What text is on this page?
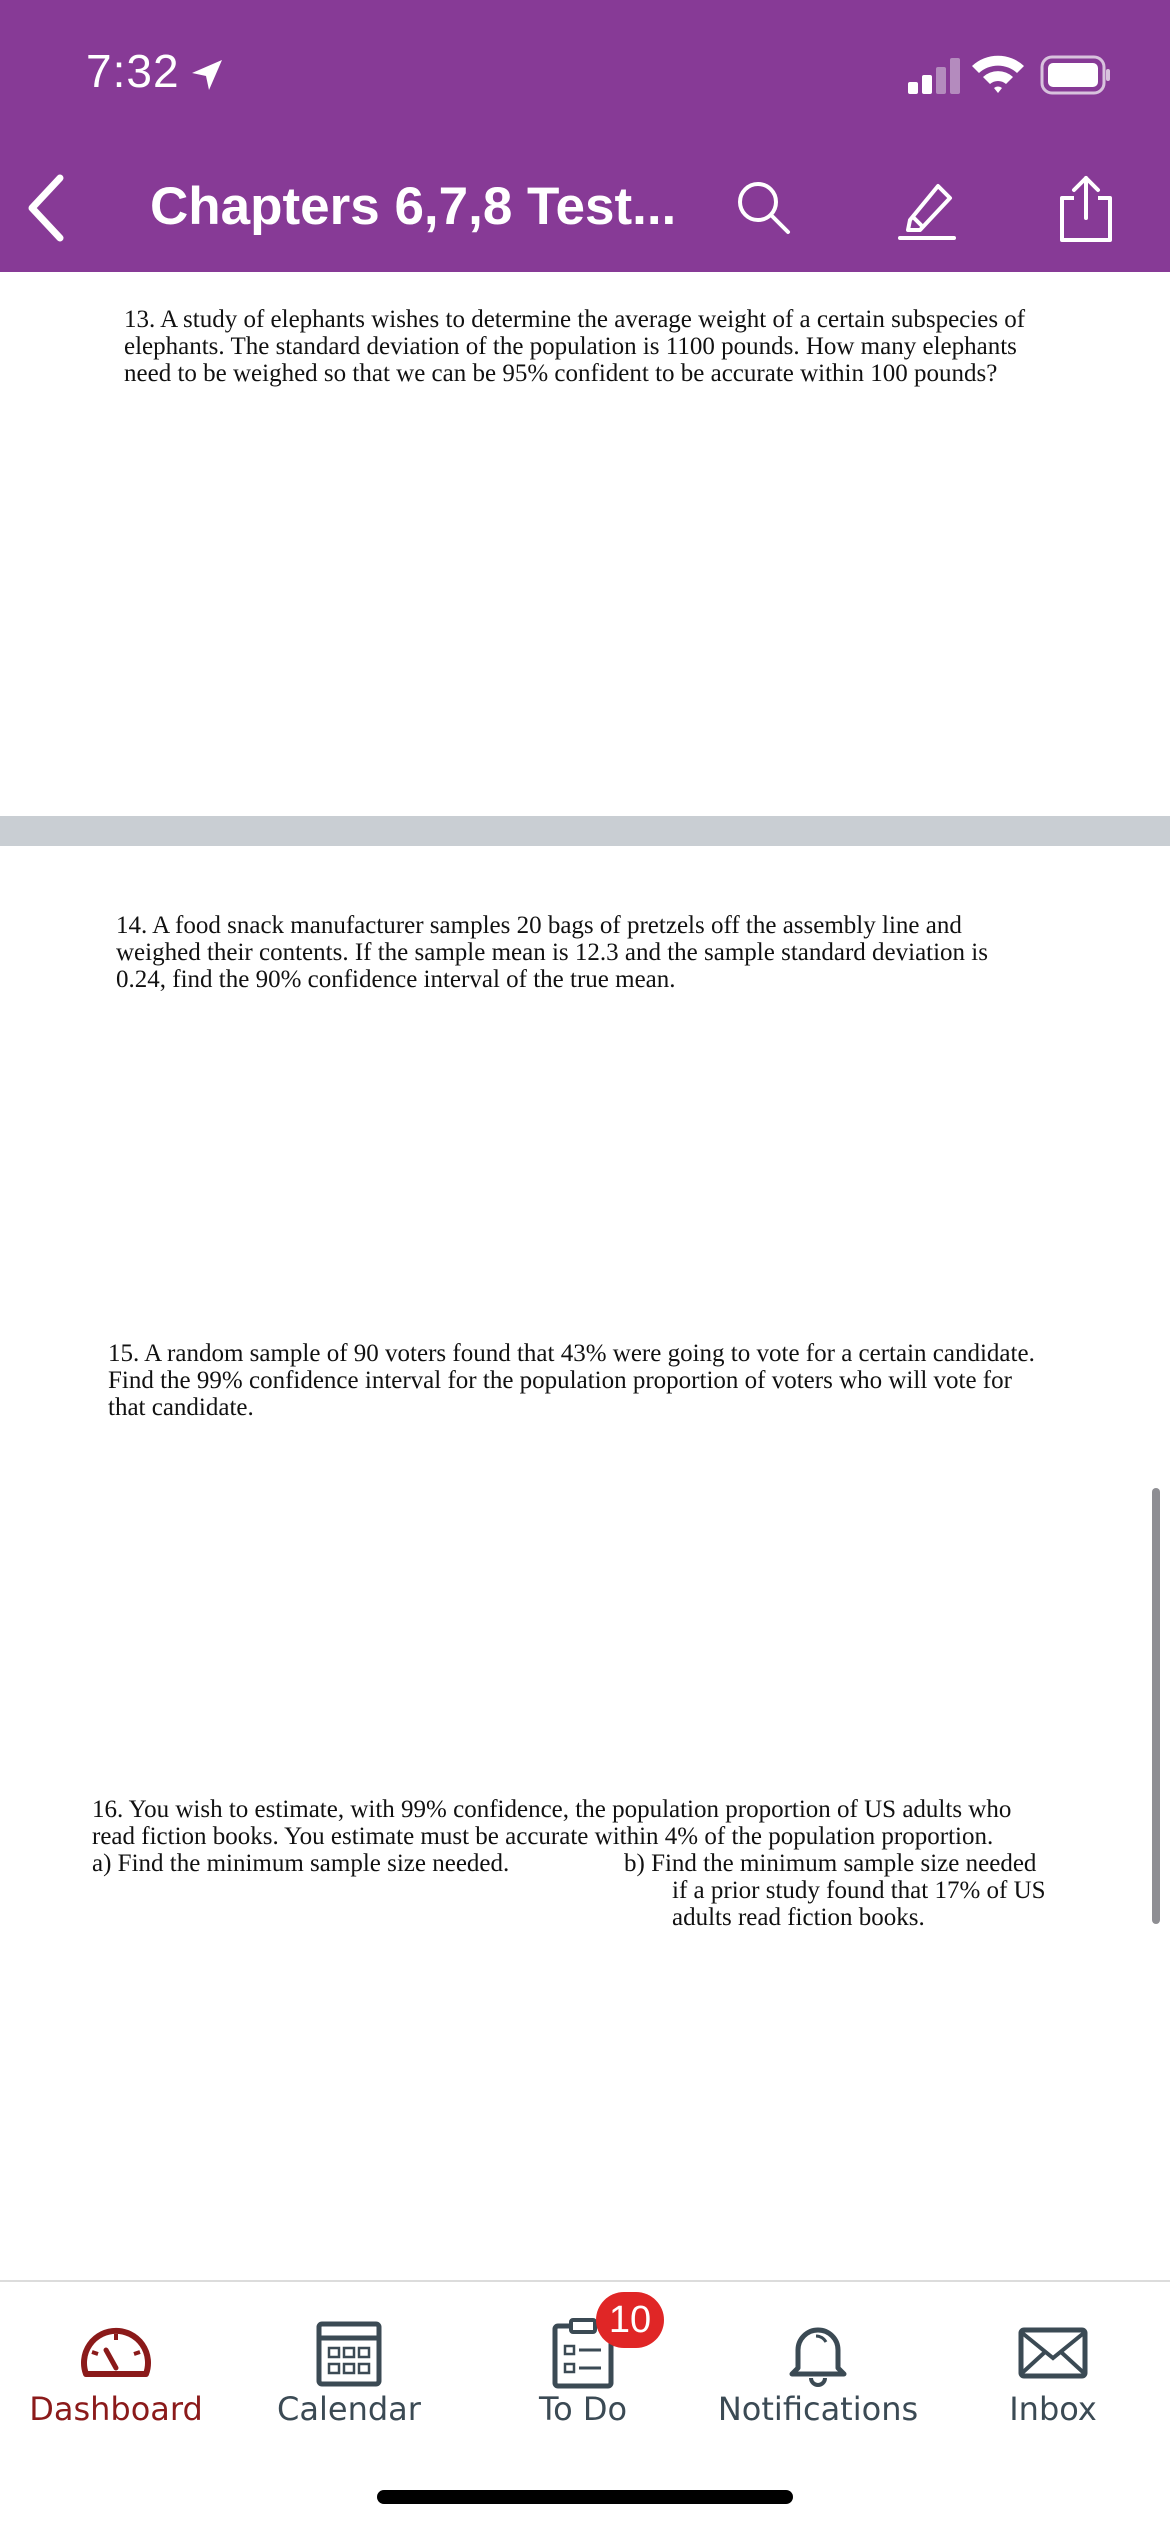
7:32
Chapters 6,7,8 Test...

13. A study of elephants wishes to determine the average weight of a certain subspecies of

elephants. The standard deviation of the population is 1100 pounds. How many elephants

need to be weighed so that we can be 95% confident to be accurate within 100 pounds?

14. A food snack manufacturer samples 20 bags of pretzels off the assembly line and

weighed their contents. If the sample mean is 12.3 and the sample standard deviation is

0.24, find the 90% confidence interval of the true mean.

15. A random sample of 90 voters found that 43% were going to vote for a certain candidate.

Find the 99% confidence interval for the population proportion of voters who will vote for

that candidate.

16. You wish to estimate, with 99% confidence, the population proportion of US adults who

read fiction books. You estimate must be accurate within 4% of the population proportion.

a) Find the minimum sample size needed.	b) Find the minimum sample size needed

if a prior study found that 17% of US

adults read fiction books.

Dashboard	Calendar
10
To Do	Notifications	Inbox
